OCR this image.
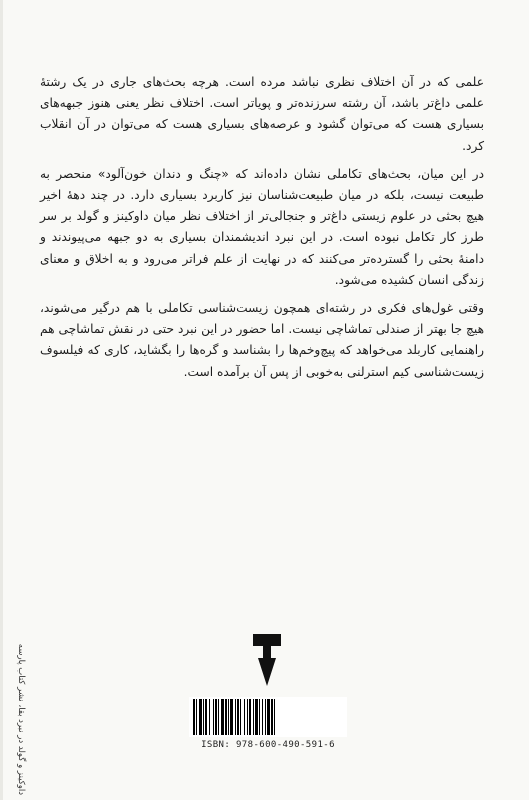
علمی که در آن اختلاف نظری نباشد مرده است. هرچه بحث‌های جاری در یک رشتهٔ علمی داغ‌تر باشد، آن رشته سرزنده‌تر و پویاتر است. اختلاف نظر یعنی هنوز جبهه‌های بسیاری هست که می‌توان گشود و عرصه‌های بسیاری هست که می‌توان در آن انقلاب کرد.

در این میان، بحث‌های تکاملی نشان داده‌اند که «چنگ و دندان خون‌آلود» منحصر به طبیعت نیست، بلکه در میان طبیعت‌شناسان نیز کاربرد بسیاری دارد. در چند دههٔ اخیر هیچ بحثی در علوم زیستی داغ‌تر و جنجالی‌تر از اختلاف نظر میان داوکینز و گولد بر سر طرز کار تکامل نبوده است. در این نبرد اندیشمندان بسیاری به دو جبهه می‌پیوندند و دامنهٔ بحثی را گسترده‌تر می‌کنند که در نهایت از علم فراتر می‌رود و به اخلاق و معنای زندگی انسان کشیده می‌شود.

وقتی غول‌های فکری در رشته‌ای همچون زیست‌شناسی تکاملی با هم درگیر می‌شوند، هیچ جا بهتر از صندلی تماشاچی نیست. اما حضور در این نبرد حتی در نقش تماشاچی هم راهنمایی کاربلد می‌خواهد که پیچ‌وخم‌ها را بشناسد و گره‌ها را بگشاید، کاری که فیلسوف زیست‌شناسی کیم استرلنی به‌خوبی از پس آن برآمده است.

ISBN: 978-600-490-591-6
داوکینز و گولد در نبرد بقا، نشر کتاب پارسه
